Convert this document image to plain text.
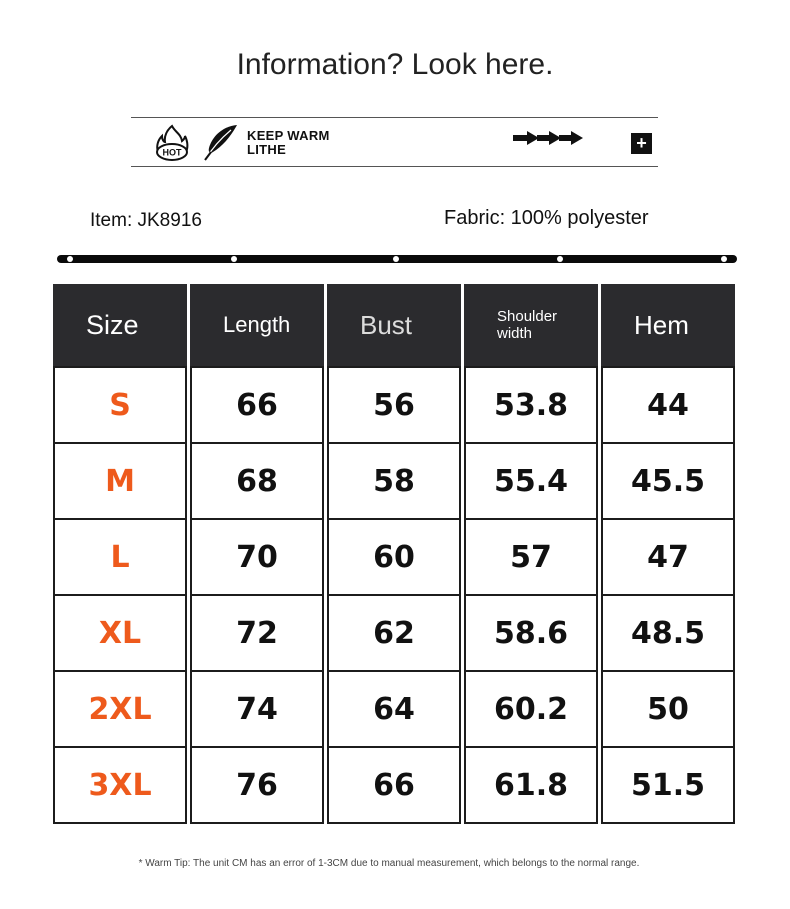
Information? Look here.
HOT
KEEP WARM
LITHE	+
Item: JK8916	Fabric: 100% polyester
Size	Length	Bust	Shoulder width	Hem

S	66	56	53.8	44
M	68	58	55.4	45.5
L	70	60	57	47
XL	72	62	58.6	48.5
2XL	74	64	60.2	50
3XL	76	66	61.8	51.5
* Warm Tip: The unit CM has an error of 1-3CM due to manual measurement, which belongs to the normal range.
